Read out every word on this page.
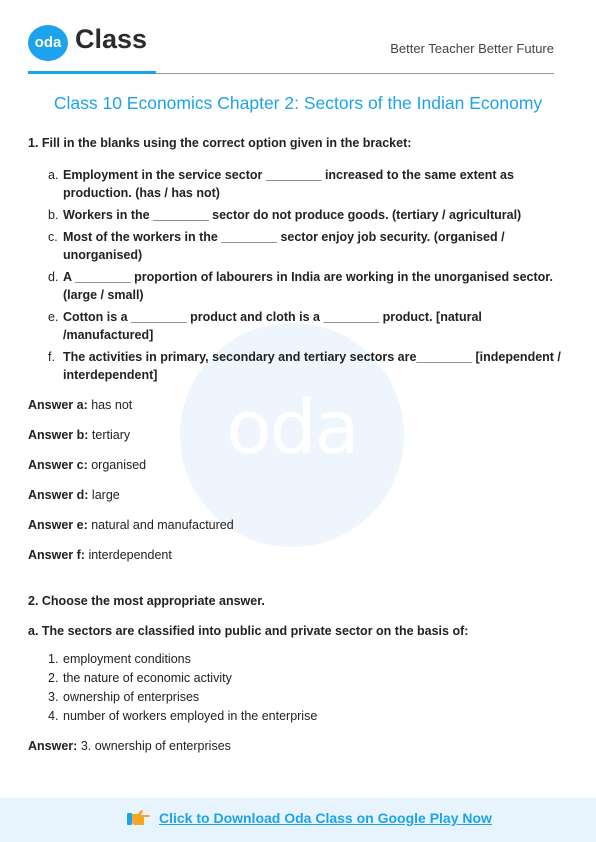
oda
oda Class	Better Teacher Better Future
Class 10 Economics Chapter 2: Sectors of the Indian Economy

1. Fill in the blanks using the correct option given in the bracket:

a. Employment in the service sector ________ increased to the same extent as production. (has / has not)
b. Workers in the ________ sector do not produce goods. (tertiary / agricultural)
c. Most of the workers in the ________ sector enjoy job security. (organised / unorganised)
d. A ________ proportion of labourers in India are working in the unorganised sector. (large / small)
e. Cotton is a ________ product and cloth is a ________ product. [natural /manufactured]
f. The activities in primary, secondary and tertiary sectors are________ [independent / interdependent]

Answer a: has not

Answer b: tertiary

Answer c: organised

Answer d: large

Answer e: natural and manufactured

Answer f: interdependent

2. Choose the most appropriate answer.

a. The sectors are classified into public and private sector on the basis of:

1. employment conditions
2. the nature of economic activity
3. ownership of enterprises
4. number of workers employed in the enterprise

Answer: 3. ownership of enterprises

Click to Download Oda Class on Google Play Now
